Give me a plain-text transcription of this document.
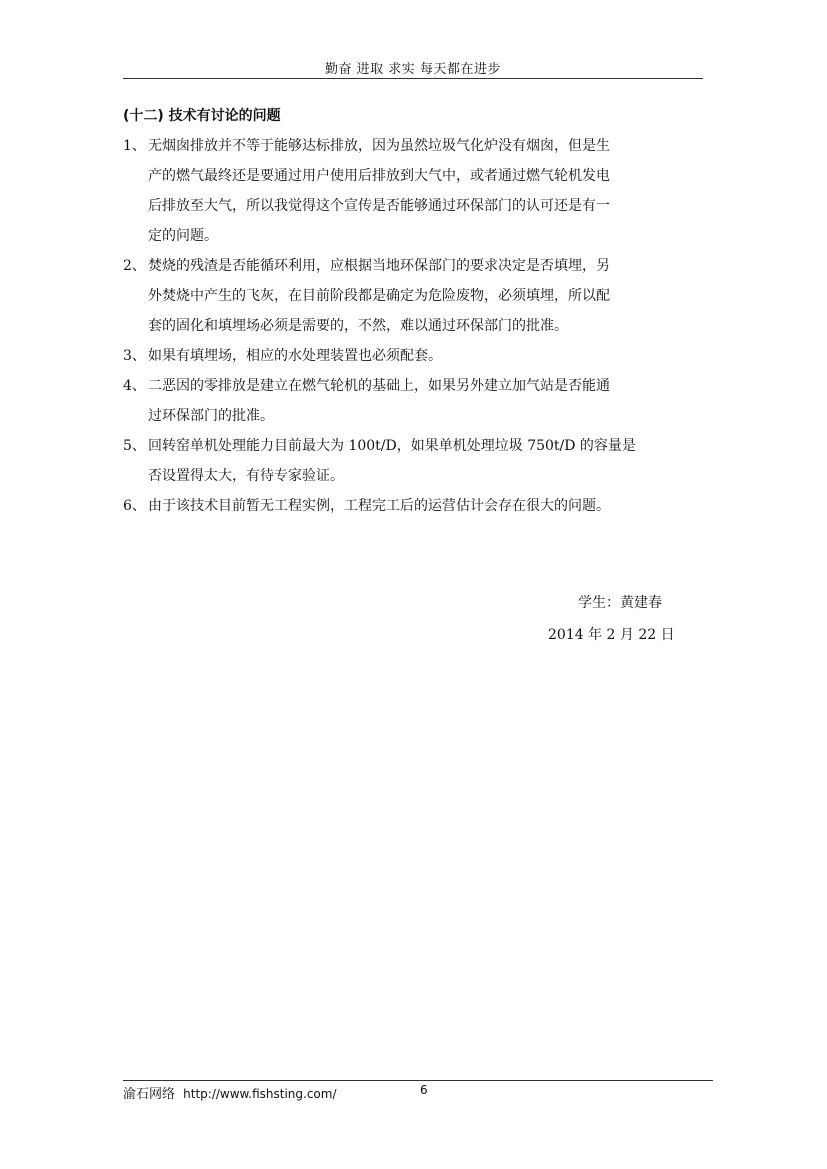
勤奋 进取 求实 每天都在进步
(十二) 技术有讨论的问题
1、 无烟囱排放并不等于能够达标排放，因为虽然垃圾气化炉没有烟囱，但是生
产的燃气最终还是要通过用户使用后排放到大气中，或者通过燃气轮机发电
后排放至大气，所以我觉得这个宣传是否能够通过环保部门的认可还是有一
定的问题。
2、 焚烧的残渣是否能循环利用，应根据当地环保部门的要求决定是否填埋，另
外焚烧中产生的飞灰，在目前阶段都是确定为危险废物，必须填埋，所以配
套的固化和填埋场必须是需要的，不然，难以通过环保部门的批准。
3、 如果有填埋场，相应的水处理装置也必须配套。
4、 二恶因的零排放是建立在燃气轮机的基础上，如果另外建立加气站是否能通
过环保部门的批准。
5、 回转窑单机处理能力目前最大为 100t/D，如果单机处理垃圾 750t/D 的容量是
否设置得太大，有待专家验证。
6、 由于该技术目前暂无工程实例，工程完工后的运营估计会存在很大的问题。
学生：黄建春
2014 年 2 月 22 日
渝石网络 http://www.fishsting.com/	6
